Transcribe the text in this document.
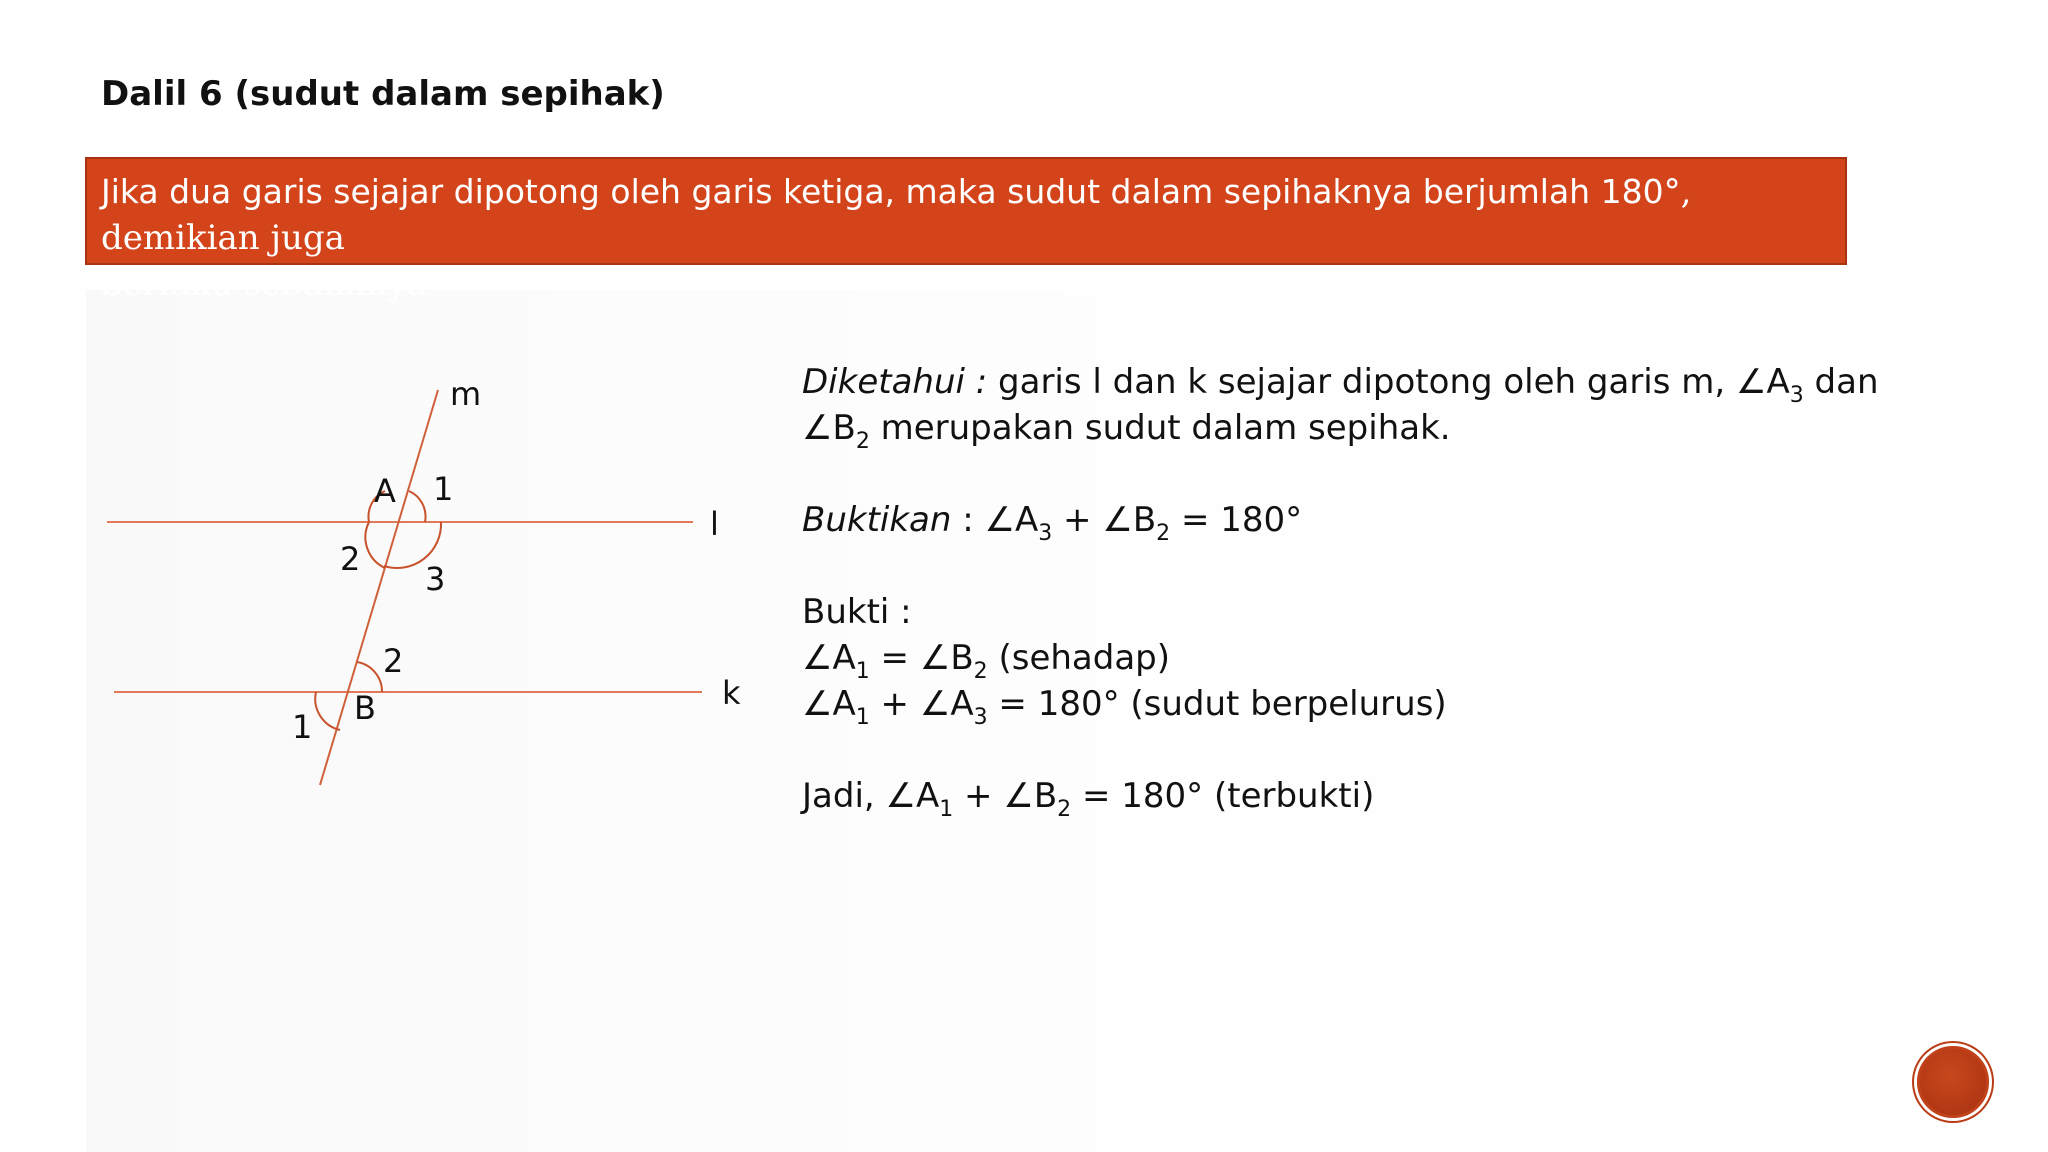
Dalil 6 (sudut dalam sepihak)
Jika dua garis sejajar dipotong oleh garis ketiga, maka sudut dalam sepihaknya berjumlah 180°, demikian juga
berlaku sebaliknya
m
l
k
A
B
1
2
3
2
1
Diketahui : garis l dan k sejajar dipotong oleh garis m, $\angle A_3$ dan
$\angle B_2$ merupakan sudut dalam sepihak.
Buktikan : $\angle A_3$ + $\angle B_2 = 180^\circ$
Bukti :
$\angle A_1$ = $\angle B_2$ (sehadap)
$\angle A_1$ + $\angle A_3 = 180^\circ$ (sudut berpelurus)
Jadi, $\angle A_1$ + $\angle B_2 = 180^\circ$ (terbukti)
